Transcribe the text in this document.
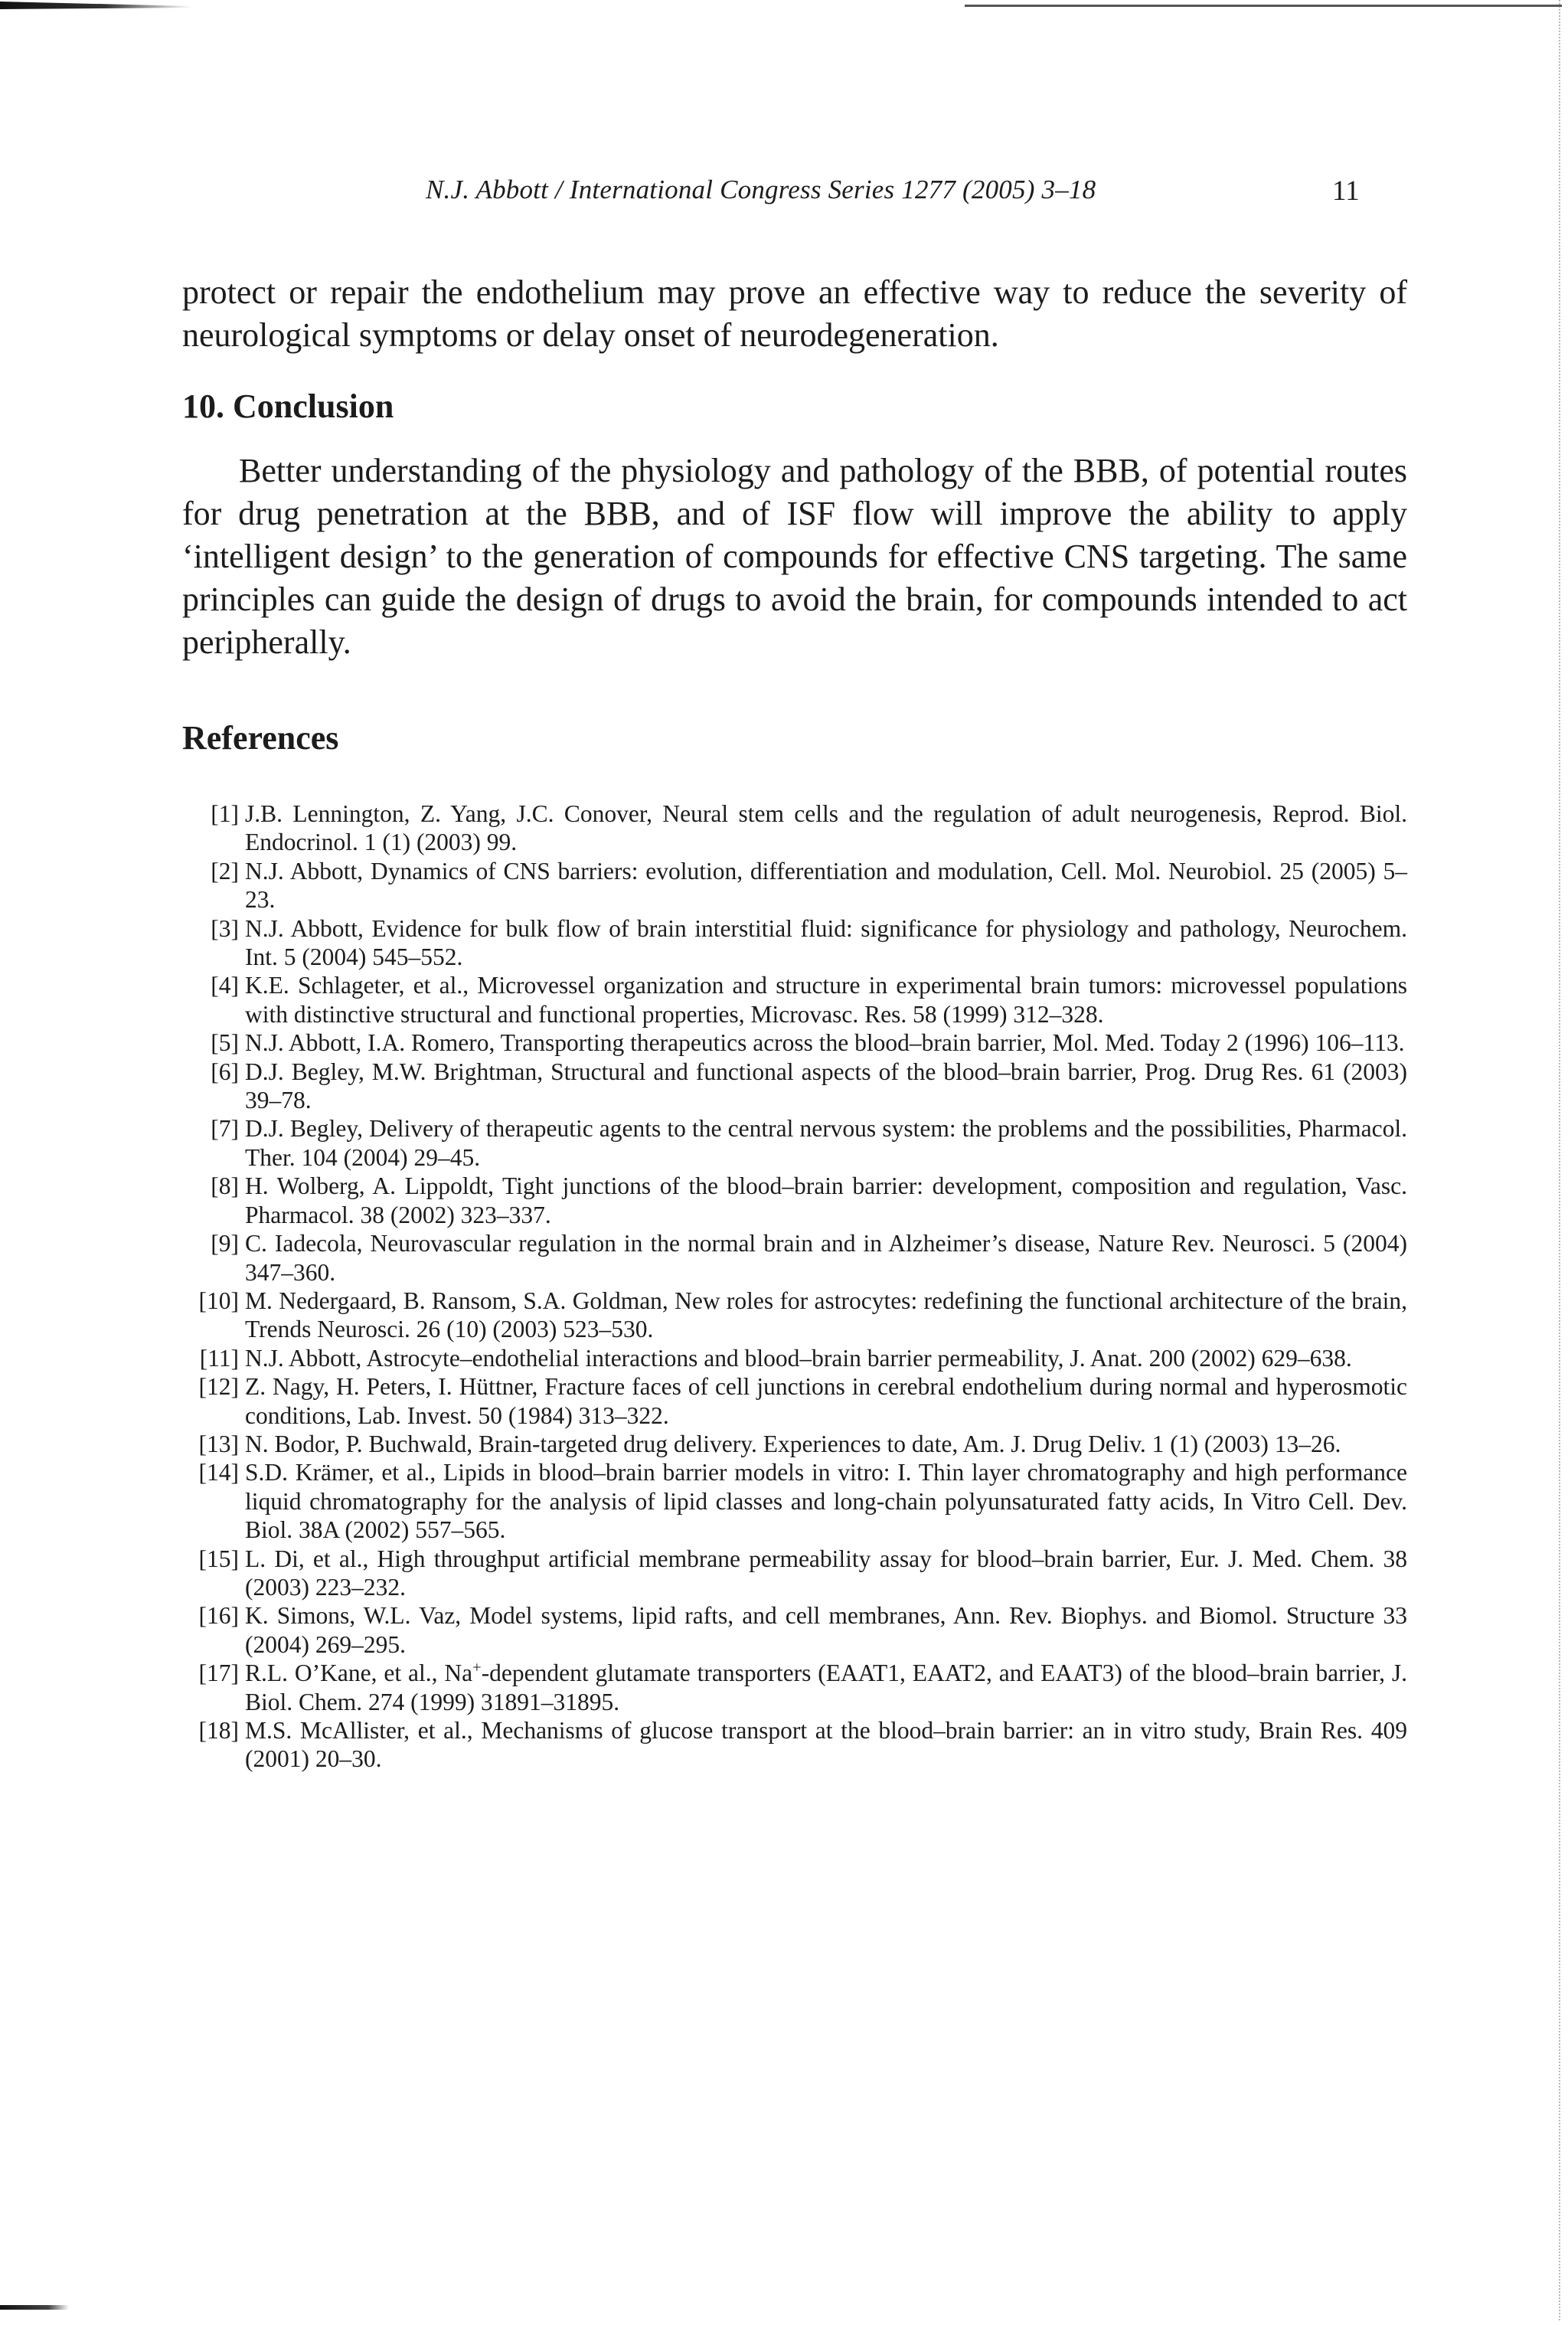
N.J. Abbott / International Congress Series 1277 (2005) 3–18	11

protect or repair the endothelium may prove an effective way to reduce the severity of neurological symptoms or delay onset of neurodegeneration.

10. Conclusion

Better understanding of the physiology and pathology of the BBB, of potential routes for drug penetration at the BBB, and of ISF flow will improve the ability to apply ‘intelligent design’ to the generation of compounds for effective CNS targeting. The same principles can guide the design of drugs to avoid the brain, for compounds intended to act peripherally.

References
[1] J.B. Lennington, Z. Yang, J.C. Conover, Neural stem cells and the regulation of adult neurogenesis, Reprod. Biol. Endocrinol. 1 (1) (2003) 99.
[2] N.J. Abbott, Dynamics of CNS barriers: evolution, differentiation and modulation, Cell. Mol. Neurobiol. 25 (2005) 5–23.
[3] N.J. Abbott, Evidence for bulk flow of brain interstitial fluid: significance for physiology and pathology, Neurochem. Int. 5 (2004) 545–552.
[4] K.E. Schlageter, et al., Microvessel organization and structure in experimental brain tumors: microvessel populations with distinctive structural and functional properties, Microvasc. Res. 58 (1999) 312–328.
[5] N.J. Abbott, I.A. Romero, Transporting therapeutics across the blood–brain barrier, Mol. Med. Today 2 (1996) 106–113.
[6] D.J. Begley, M.W. Brightman, Structural and functional aspects of the blood–brain barrier, Prog. Drug Res. 61 (2003) 39–78.
[7] D.J. Begley, Delivery of therapeutic agents to the central nervous system: the problems and the possibilities, Pharmacol. Ther. 104 (2004) 29–45.
[8] H. Wolberg, A. Lippoldt, Tight junctions of the blood–brain barrier: development, composition and regulation, Vasc. Pharmacol. 38 (2002) 323–337.
[9] C. Iadecola, Neurovascular regulation in the normal brain and in Alzheimer’s disease, Nature Rev. Neurosci. 5 (2004) 347–360.
[10] M. Nedergaard, B. Ransom, S.A. Goldman, New roles for astrocytes: redefining the functional architecture of the brain, Trends Neurosci. 26 (10) (2003) 523–530.
[11] N.J. Abbott, Astrocyte–endothelial interactions and blood–brain barrier permeability, J. Anat. 200 (2002) 629–638.
[12] Z. Nagy, H. Peters, I. Hüttner, Fracture faces of cell junctions in cerebral endothelium during normal and hyperosmotic conditions, Lab. Invest. 50 (1984) 313–322.
[13] N. Bodor, P. Buchwald, Brain-targeted drug delivery. Experiences to date, Am. J. Drug Deliv. 1 (1) (2003) 13–26.
[14] S.D. Krämer, et al., Lipids in blood–brain barrier models in vitro: I. Thin layer chromatography and high performance liquid chromatography for the analysis of lipid classes and long-chain polyunsaturated fatty acids, In Vitro Cell. Dev. Biol. 38A (2002) 557–565.
[15] L. Di, et al., High throughput artificial membrane permeability assay for blood–brain barrier, Eur. J. Med. Chem. 38 (2003) 223–232.
[16] K. Simons, W.L. Vaz, Model systems, lipid rafts, and cell membranes, Ann. Rev. Biophys. and Biomol. Structure 33 (2004) 269–295.
[17] R.L. O’Kane, et al., Na+-dependent glutamate transporters (EAAT1, EAAT2, and EAAT3) of the blood–brain barrier, J. Biol. Chem. 274 (1999) 31891–31895.
[18] M.S. McAllister, et al., Mechanisms of glucose transport at the blood–brain barrier: an in vitro study, Brain Res. 409 (2001) 20–30.
